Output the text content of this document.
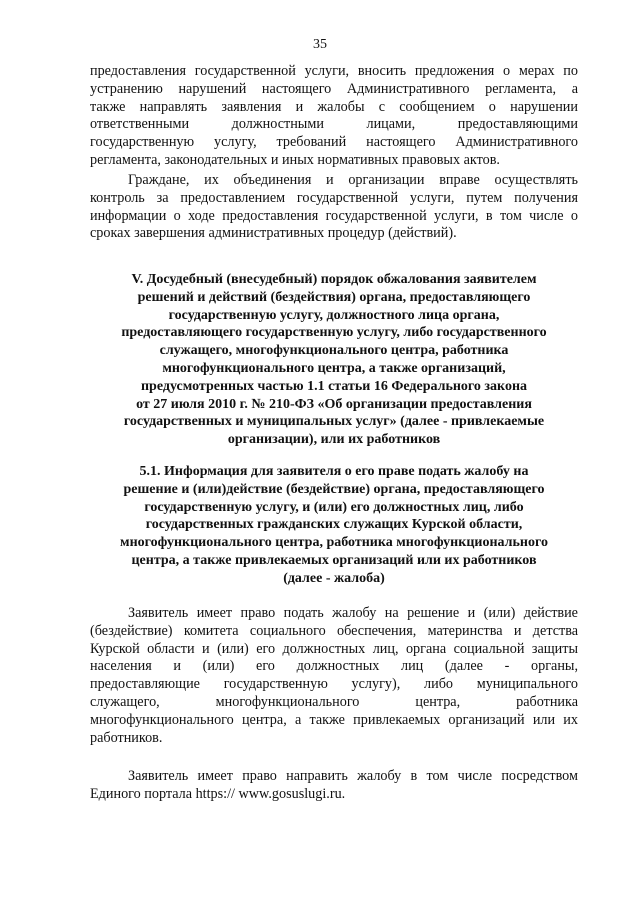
35
предоставления государственной услуги, вносить предложения о мерах по
устранению нарушений настоящего Административного регламента, а
также направлять заявления и жалобы с сообщением о нарушении
ответственными должностными лицами, предоставляющими
государственную услугу, требований настоящего Административного
регламента, законодательных и иных нормативных правовых актов.
Граждане, их объединения и организации вправе осуществлять
контроль за предоставлением государственной услуги, путем получения
информации о ходе предоставления государственной услуги, в том числе о
сроках завершения административных процедур (действий).
V. Досудебный (внесудебный) порядок обжалования заявителем
решений и действий (бездействия) органа, предоставляющего
государственную услугу, должностного лица органа,
предоставляющего государственную услугу, либо государственного
служащего, многофункционального центра, работника
многофункционального центра, а также организаций,
предусмотренных частью 1.1 статьи 16 Федерального закона
от 27 июля 2010 г. № 210-ФЗ «Об организации предоставления
государственных и муниципальных услуг» (далее - привлекаемые
организации), или их работников
5.1. Информация для заявителя о его праве подать жалобу на
решение и (или)действие (бездействие) органа, предоставляющего
государственную услугу, и (или) его должностных лиц, либо
государственных гражданских служащих Курской области,
многофункционального центра, работника многофункционального
центра, а также привлекаемых организаций или их работников
(далее - жалоба)
Заявитель имеет право подать жалобу на решение и (или) действие
(бездействие) комитета социального обеспечения, материнства и детства
Курской области и (или) его должностных лиц, органа социальной защиты
населения и (или) его должностных лиц (далее - органы,
предоставляющие государственную услугу), либо муниципального
служащего, многофункционального центра, работника
многофункционального центра, а также привлекаемых организаций или их
работников.
Заявитель имеет право направить жалобу в том числе посредством
Единого портала https:// www.gosuslugi.ru.
